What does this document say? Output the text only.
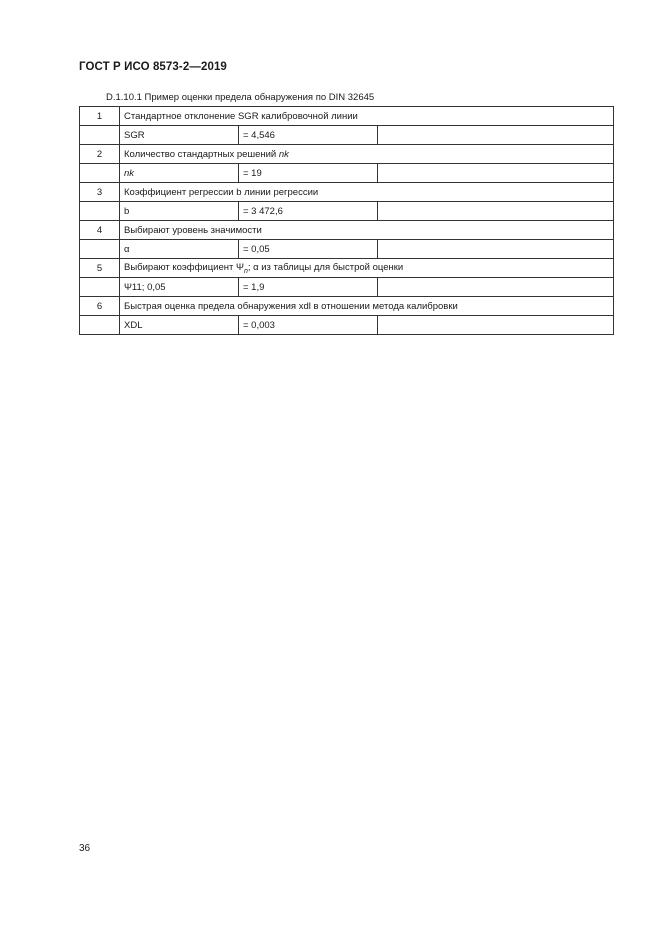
ГОСТ Р ИСО 8573-2—2019
D.1.10.1 Пример оценки предела обнаружения по DIN 32645
1	Стандартное отклонение SGR калибровочной линии		
	SGR	= 4,546	
2	Количество стандартных решений nk		
	nk	= 19	
3	Коэффициент регрессии b линии регрессии		
	b	= 3 472,6	
4	Выбирают уровень значимости		
	α	= 0,05	
5	Выбирают коэффициент $\Psi_n$; α из таблицы для быстрой оценки		
	Ψ11; 0,05	= 1,9	
6	Быстрая оценка предела обнаружения xdl в отношении метода калибровки		
	XDL	= 0,003	
36
